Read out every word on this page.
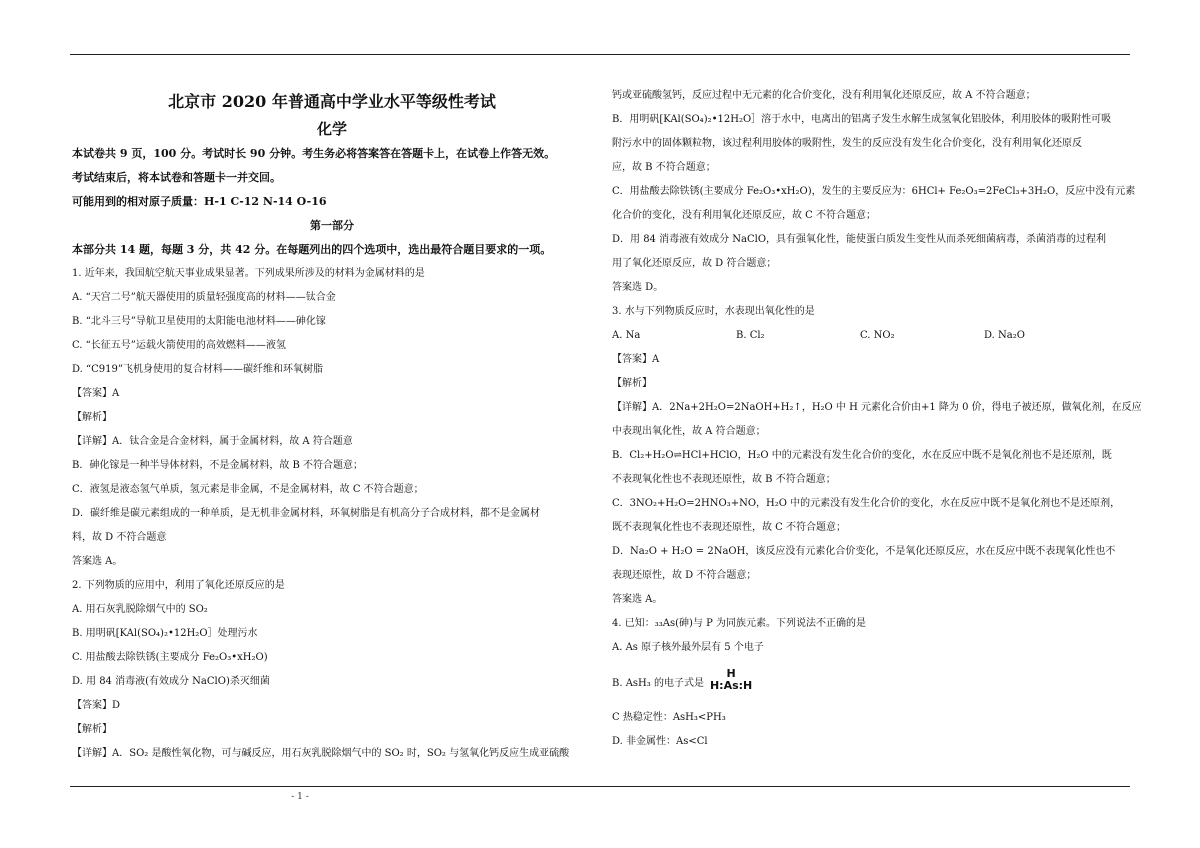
北京市 2020 年普通高中学业水平等级性考试
化学
本试卷共 9 页，100 分。考试时长 90 分钟。考生务必将答案答在答题卡上，在试卷上作答无效。
考试结束后，将本试卷和答题卡一并交回。
可能用到的相对原子质量：H-1 C-12 N-14 O-16
第一部分
本部分共 14 题，每题 3 分，共 42 分。在每题列出的四个选项中，选出最符合题目要求的一项。
1. 近年来，我国航空航天事业成果显著。下列成果所涉及的材料为金属材料的是
A. “天宫二号”航天器使用的质量轻强度高的材料——钛合金
B. “北斗三号”导航卫星使用的太阳能电池材料——砷化镓
C. “长征五号”运载火箭使用的高效燃料——液氢
D. “C919”飞机身使用的复合材料——碳纤维和环氧树脂
【答案】A
【解析】
【详解】A．钛合金是合金材料，属于金属材料，故 A 符合题意
B．砷化镓是一种半导体材料，不是金属材料，故 B 不符合题意；
C．液氢是液态氢气单质，氢元素是非金属，不是金属材料，故 C 不符合题意；
D．碳纤维是碳元素组成的一种单质，是无机非金属材料，环氧树脂是有机高分子合成材料，都不是金属材
料，故 D 不符合题意
答案选 A。
2. 下列物质的应用中，利用了氧化还原反应的是
A. 用石灰乳脱除烟气中的 SO₂
B. 用明矾[KAl(SO₄)₂•12H₂O］处理污水
C. 用盐酸去除铁锈(主要成分 Fe₂O₃•xH₂O)
D. 用 84 消毒液(有效成分 NaClO)杀灭细菌
【答案】D
【解析】
【详解】A．SO₂ 是酸性氧化物，可与碱反应，用石灰乳脱除烟气中的 SO₂ 时，SO₂ 与氢氧化钙反应生成亚硫酸
钙或亚硫酸氢钙，反应过程中无元素的化合价变化，没有利用氧化还原反应，故 A 不符合题意；
B．用明矾[KAl(SO₄)₂•12H₂O］溶于水中，电离出的铝离子发生水解生成氢氧化铝胶体，利用胶体的吸附性可吸
附污水中的固体颗粒物，该过程利用胶体的吸附性，发生的反应没有发生化合价变化，没有利用氧化还原反
应，故 B 不符合题意；
C．用盐酸去除铁锈(主要成分 Fe₂O₃•xH₂O)，发生的主要反应为：6HCl+ Fe₂O₃=2FeCl₃+3H₂O，反应中没有元素
化合价的变化，没有利用氧化还原反应，故 C 不符合题意；
D．用 84 消毒液有效成分 NaClO，具有强氧化性，能使蛋白质发生变性从而杀死细菌病毒，杀菌消毒的过程利
用了氧化还原反应，故 D 符合题意；
答案选 D。
3. 水与下列物质反应时，水表现出氧化性的是
A. Na	B. Cl₂	C. NO₂	D. Na₂O
【答案】A
【解析】
【详解】A．2Na+2H₂O=2NaOH+H₂↑，H₂O 中 H 元素化合价由+1 降为 0 价，得电子被还原，做氧化剂，在反应
中表现出氧化性，故 A 符合题意；
B．Cl₂+H₂O⇌HCl+HClO，H₂O 中的元素没有发生化合价的变化，水在反应中既不是氧化剂也不是还原剂，既
不表现氧化性也不表现还原性，故 B 不符合题意；
C．3NO₂+H₂O=2HNO₃+NO，H₂O 中的元素没有发生化合价的变化，水在反应中既不是氧化剂也不是还原剂，
既不表现氧化性也不表现还原性，故 C 不符合题意；
D．Na₂O + H₂O = 2NaOH，该反应没有元素化合价变化，不是氧化还原反应，水在反应中既不表现氧化性也不
表现还原性，故 D 不符合题意；
答案选 A。
4. 已知：₃₃As(砷)与 P 为同族元素。下列说法不正确的是
A. As 原子核外最外层有 5 个电子
B. AsH₃ 的电子式是
H
H:As:H
C 热稳定性：AsH₃<PH₃
D. 非金属性：As<Cl
- 1 -
